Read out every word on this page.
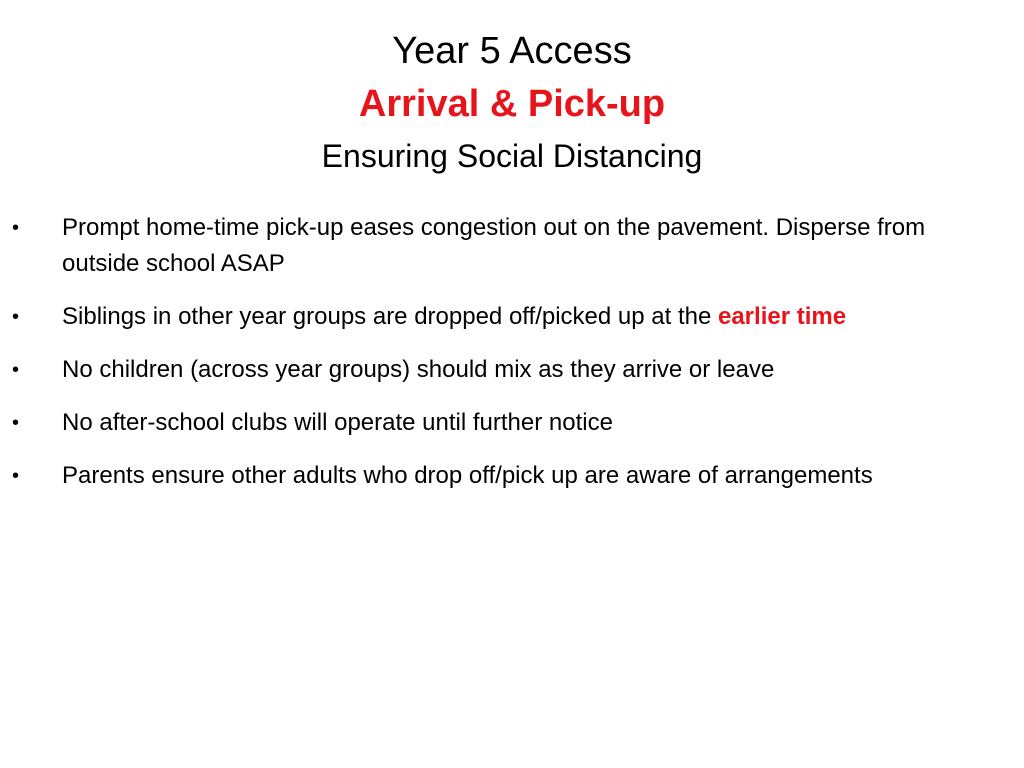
Year 5 Access
Arrival & Pick-up
Ensuring Social Distancing
• Prompt home-time pick-up eases congestion out on the pavement. Disperse from outside school ASAP
• Siblings in other year groups are dropped off/picked up at the earlier time
• No children (across year groups) should mix as they arrive or leave
• No after-school clubs will operate until further notice
• Parents ensure other adults who drop off/pick up are aware of arrangements
